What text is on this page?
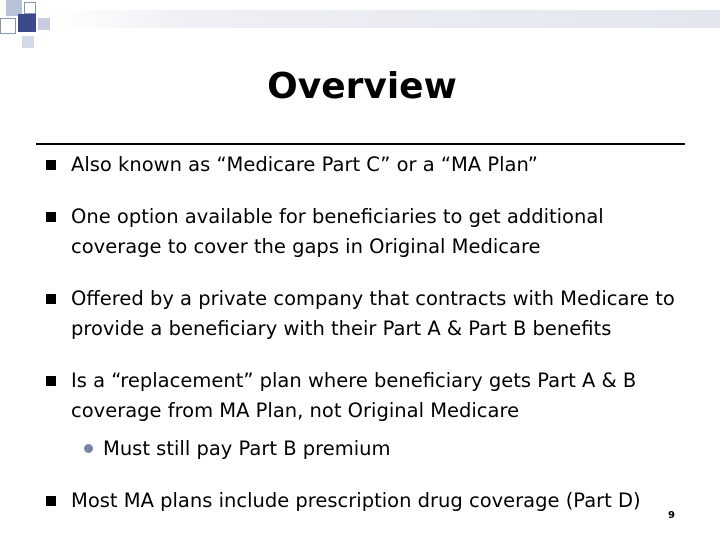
Overview
Also known as “Medicare Part C” or a “MA Plan”
One option available for beneficiaries to get additional coverage to cover the gaps in Original Medicare
Offered by a private company that contracts with Medicare to provide a beneficiary with their Part A & Part B benefits
Is a “replacement” plan where beneficiary gets Part A & B coverage from MA Plan, not Original Medicare
Must still pay Part B premium
Most MA plans include prescription drug coverage (Part D)
9
